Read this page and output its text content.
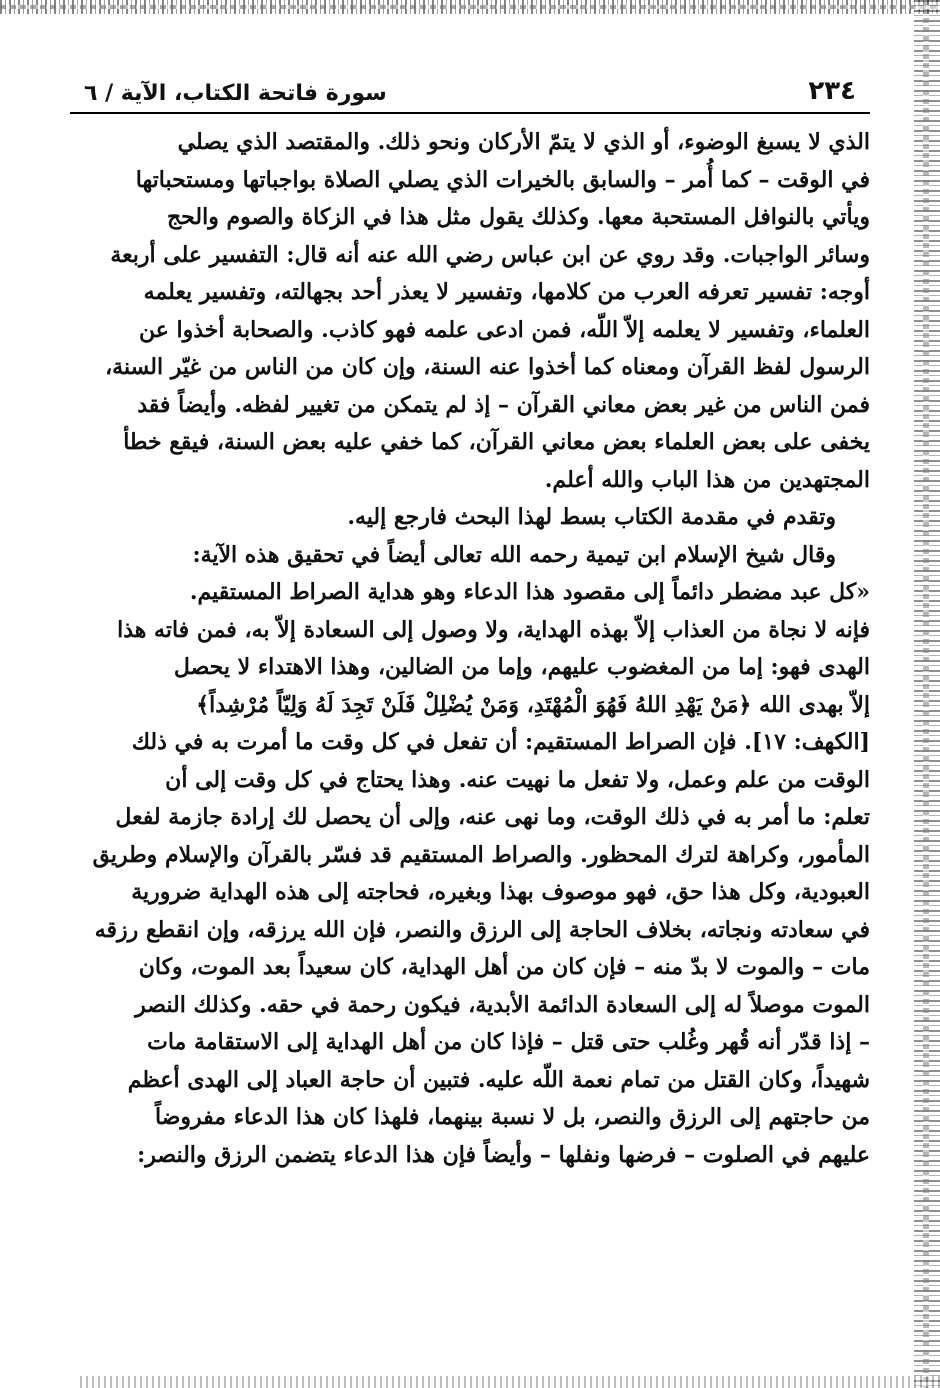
٢٣٤
سورة فاتحة الكتاب، الآية / ٦
الذي لا يسبغ الوضوء، أو الذي لا يتمّ الأركان ونحو ذلك. والمقتصد الذي يصلي
في الوقت – كما أُمر – والسابق بالخيرات الذي يصلي الصلاة بواجباتها ومستحباتها
ويأتي بالنوافل المستحبة معها. وكذلك يقول مثل هذا في الزكاة والصوم والحج
وسائر الواجبات. وقد روي عن ابن عباس رضي الله عنه أنه قال: التفسير على أربعة
أوجه: تفسير تعرفه العرب من كلامها، وتفسير لا يعذر أحد بجهالته، وتفسير يعلمه
العلماء، وتفسير لا يعلمه إلاّ اللّه، فمن ادعى علمه فهو كاذب. والصحابة أخذوا عن
الرسول لفظ القرآن ومعناه كما أخذوا عنه السنة، وإن كان من الناس من غيّر السنة،
فمن الناس من غير بعض معاني القرآن – إذ لم يتمكن من تغيير لفظه. وأيضاً فقد
يخفى على بعض العلماء بعض معاني القرآن، كما خفي عليه بعض السنة، فيقع خطأ
المجتهدين من هذا الباب والله أعلم.
وتقدم في مقدمة الكتاب بسط لهذا البحث فارجع إليه.
وقال شيخ الإسلام ابن تيمية رحمه الله تعالى أيضاً في تحقيق هذه الآية:
«كل عبد مضطر دائماً إلى مقصود هذا الدعاء وهو هداية الصراط المستقيم.
فإنه لا نجاة من العذاب إلاّ بهذه الهداية، ولا وصول إلى السعادة إلاّ به، فمن فاته هذا
الهدى فهو: إما من المغضوب عليهم، وإما من الضالين، وهذا الاهتداء لا يحصل
إلاّ بهدى الله ﴿مَنْ يَهْدِ اللهُ فَهُوَ الْمُهْتَدِ، وَمَنْ يُضْلِلْ فَلَنْ تَجِدَ لَهُ وَلِيّاً مُرْشِداً﴾
[الكهف: ١٧]. فإن الصراط المستقيم: أن تفعل في كل وقت ما أمرت به في ذلك
الوقت من علم وعمل، ولا تفعل ما نهيت عنه. وهذا يحتاج في كل وقت إلى أن
تعلم: ما أمر به في ذلك الوقت، وما نهى عنه، وإلى أن يحصل لك إرادة جازمة لفعل
المأمور، وكراهة لترك المحظور. والصراط المستقيم قد فسّر بالقرآن والإسلام وطريق
العبودية، وكل هذا حق، فهو موصوف بهذا وبغيره، فحاجته إلى هذه الهداية ضرورية
في سعادته ونجاته، بخلاف الحاجة إلى الرزق والنصر، فإن الله يرزقه، وإن انقطع رزقه
مات – والموت لا بدّ منه – فإن كان من أهل الهداية، كان سعيداً بعد الموت، وكان
الموت موصلاً له إلى السعادة الدائمة الأبدية، فيكون رحمة في حقه. وكذلك النصر
– إذا قدّر أنه قُهر وغُلب حتى قتل – فإذا كان من أهل الهداية إلى الاستقامة مات
شهيداً، وكان القتل من تمام نعمة اللّه عليه. فتبين أن حاجة العباد إلى الهدى أعظم
من حاجتهم إلى الرزق والنصر، بل لا نسبة بينهما، فلهذا كان هذا الدعاء مفروضاً
عليهم في الصلوت – فرضها ونفلها – وأيضاً فإن هذا الدعاء يتضمن الرزق والنصر:
